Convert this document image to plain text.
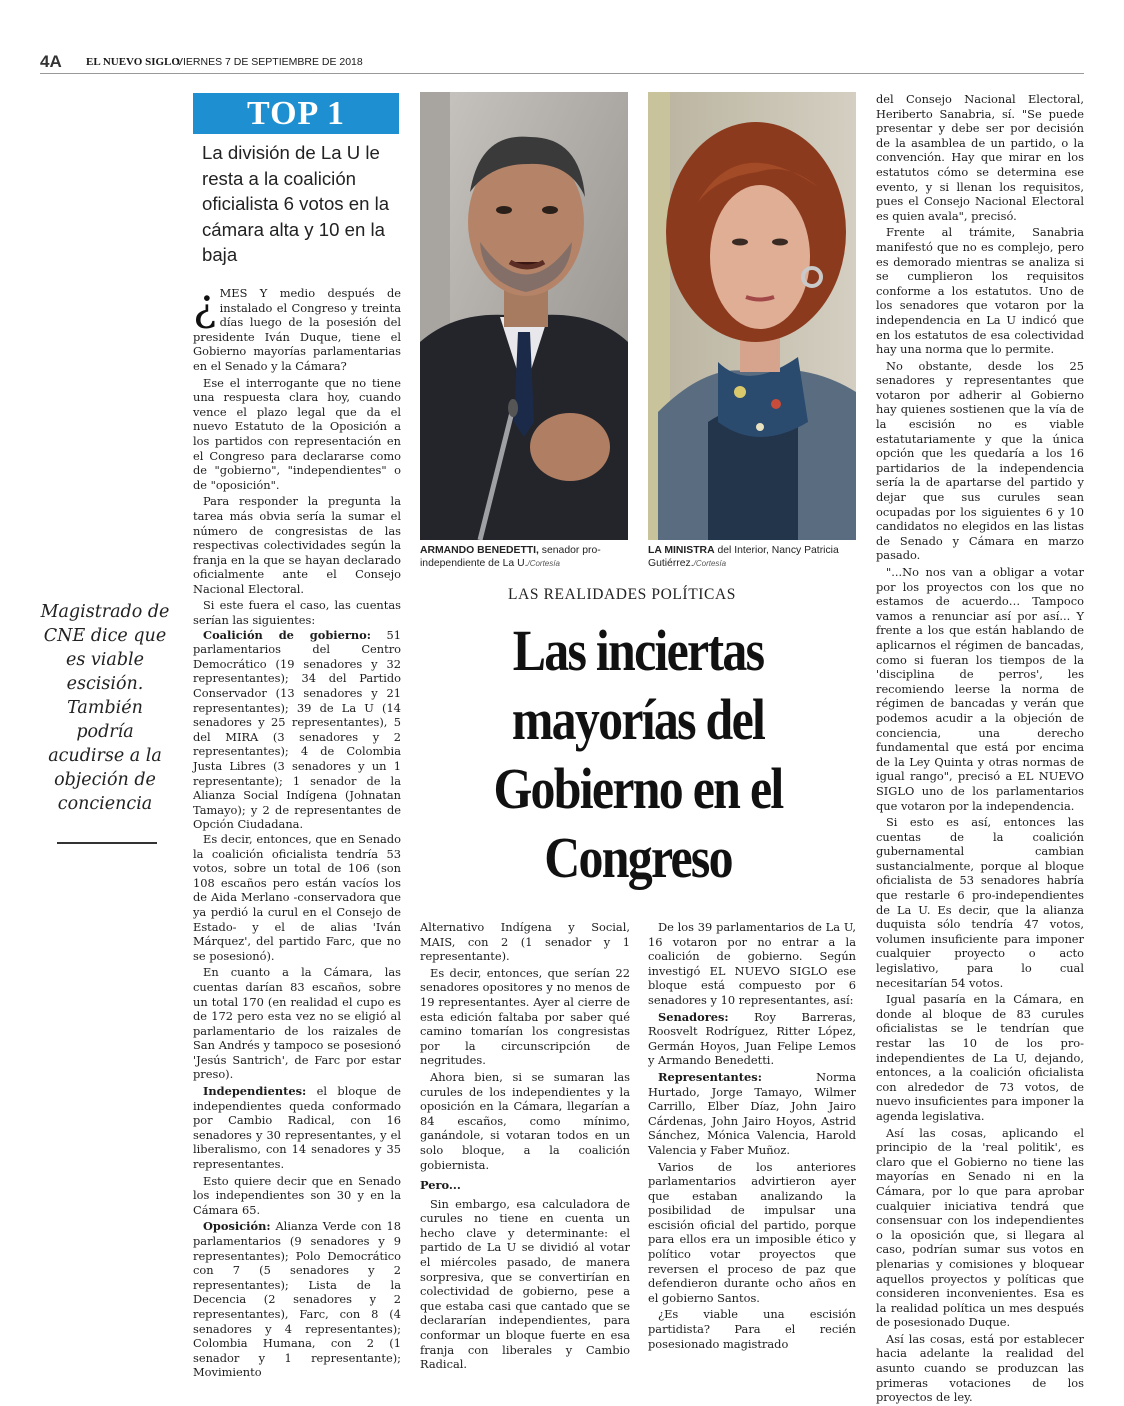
4A EL NUEVO SIGLO
VIERNES 7 DE SEPTIEMBRE DE 2018
TOP 1
La división de La U le resta a la coalición oficialista 6 votos en la cámara alta y 10 en la baja
ARMANDO BENEDETTI, senador pro-independiente de La U./Cortesía
LA MINISTRA del Interior, Nancy Patricia Gutiérrez./Cortesía
LAS REALIDADES POLÍTICAS
Las inciertas mayorías del Gobierno en el Congreso
Magistrado de CNE dice que es viable escisión. También podría acudirse a la objeción de conciencia

¿ MES Y medio después de instalado el Congreso y treinta días luego de la posesión del presidente Iván Duque, tiene el Gobierno mayorías parlamentarias en el Senado y la Cámara?

Ese el interrogante que no tiene una respuesta clara hoy, cuando vence el plazo legal que da el nuevo Estatuto de la Oposición a los partidos con representación en el Congreso para declararse como de "gobierno", "independientes" o de "oposición".

Para responder la pregunta la tarea más obvia sería la sumar el número de congresistas de las respectivas colectividades según la franja en la que se hayan declarado oficialmente ante el Consejo Nacional Electoral.

Si este fuera el caso, las cuentas serían las siguientes:

Coalición de gobierno: 51 parlamentarios del Centro Democrático (19 senadores y 32 representantes); 34 del Partido Conservador (13 senadores y 21 representantes); 39 de La U (14 senadores y 25 representantes), 5 del MIRA (3 senadores y 2 representantes); 4 de Colombia Justa Libres (3 senadores y un 1 representante); 1 senador de la Alianza Social Indígena (Johnatan Tamayo); y 2 de representantes de Opción Ciudadana.

Es decir, entonces, que en Senado la coalición oficialista tendría 53 votos, sobre un total de 106 (son 108 escaños pero están vacíos los de Aida Merlano -conservadora que ya perdió la curul en el Consejo de Estado- y el de alias 'Iván Márquez', del partido Farc, que no se posesionó).

En cuanto a la Cámara, las cuentas darían 83 escaños, sobre un total 170 (en realidad el cupo es de 172 pero esta vez no se eligió al parlamentario de los raizales de San Andrés y tampoco se posesionó 'Jesús Santrich', de Farc por estar preso).

Independientes: el bloque de independientes queda conformado por Cambio Radical, con 16 senadores y 30 representantes, y el liberalismo, con 14 senadores y 35 representantes.

Esto quiere decir que en Senado los independientes son 30 y en la Cámara 65.

Oposición: Alianza Verde con 18 parlamentarios (9 senadores y 9 representantes); Polo Democrático con 7 (5 senadores y 2 representantes); Lista de la Decencia (2 senadores y 2 representantes), Farc, con 8 (4 senadores y 4 representantes); Colombia Humana, con 2 (1 senador y 1 representante); Movimiento

Alternativo Indígena y Social, MAIS, con 2 (1 senador y 1 representante).

Es decir, entonces, que serían 22 senadores opositores y no menos de 19 representantes. Ayer al cierre de esta edición faltaba por saber qué camino tomarían los congresistas por la circunscripción de negritudes.

Ahora bien, si se sumaran las curules de los independientes y la oposición en la Cámara, llegarían a 84 escaños, como mínimo, ganándole, si votaran todos en un solo bloque, a la coalición gobiernista.

Pero...

Sin embargo, esa calculadora de curules no tiene en cuenta un hecho clave y determinante: el partido de La U se dividió al votar el miércoles pasado, de manera sorpresiva, que se convertirían en colectividad de gobierno, pese a que estaba casi que cantado que se declararían independientes, para conformar un bloque fuerte en esa franja con liberales y Cambio Radical.

De los 39 parlamentarios de La U, 16 votaron por no entrar a la coalición de gobierno. Según investigó EL NUEVO SIGLO ese bloque está compuesto por 6 senadores y 10 representantes, así:

Senadores: Roy Barreras, Roosvelt Rodríguez, Ritter López, Germán Hoyos, Juan Felipe Lemos y Armando Benedetti.

Representantes: Norma Hurtado, Jorge Tamayo, Wilmer Carrillo, Elber Díaz, John Jairo Cárdenas, John Jairo Hoyos, Astrid Sánchez, Mónica Valencia, Harold Valencia y Faber Muñoz.

Varios de los anteriores parlamentarios advirtieron ayer que estaban analizando la posibilidad de impulsar una escisión oficial del partido, porque para ellos era un imposible ético y político votar proyectos que reversen el proceso de paz que defendieron durante ocho años en el gobierno Santos.

¿Es viable una escisión partidista? Para el recién posesionado magistrado

del Consejo Nacional Electoral, Heriberto Sanabria, sí. "Se puede presentar y debe ser por decisión de la asamblea de un partido, o la convención. Hay que mirar en los estatutos cómo se determina ese evento, y si llenan los requisitos, pues el Consejo Nacional Electoral es quien avala", precisó.

Frente al trámite, Sanabria manifestó que no es complejo, pero es demorado mientras se analiza si se cumplieron los requisitos conforme a los estatutos. Uno de los senadores que votaron por la independencia en La U indicó que en los estatutos de esa colectividad hay una norma que lo permite.

No obstante, desde los 25 senadores y representantes que votaron por adherir al Gobierno hay quienes sostienen que la vía de la escisión no es viable estatutariamente y que la única opción que les quedaría a los 16 partidarios de la independencia sería la de apartarse del partido y dejar que sus curules sean ocupadas por los siguientes 6 y 10 candidatos no elegidos en las listas de Senado y Cámara en marzo pasado.

"...No nos van a obligar a votar por los proyectos con los que no estamos de acuerdo… Tampoco vamos a renunciar así por así... Y frente a los que están hablando de aplicarnos el régimen de bancadas, como si fueran los tiempos de la 'disciplina de perros', les recomiendo leerse la norma de régimen de bancadas y verán que podemos acudir a la objeción de conciencia, una derecho fundamental que está por encima de la Ley Quinta y otras normas de igual rango", precisó a EL NUEVO SIGLO uno de los parlamentarios que votaron por la independencia.

Si esto es así, entonces las cuentas de la coalición gubernamental cambian sustancialmente, porque al bloque oficialista de 53 senadores habría que restarle 6 pro-independientes de La U. Es decir, que la alianza duquista sólo tendría 47 votos, volumen insuficiente para imponer cualquier proyecto o acto legislativo, para lo cual necesitarían 54 votos.

Igual pasaría en la Cámara, en donde al bloque de 83 curules oficialistas se le tendrían que restar las 10 de los pro-independientes de La U, dejando, entonces, a la coalición oficialista con alrededor de 73 votos, de nuevo insuficientes para imponer la agenda legislativa.

Así las cosas, aplicando el principio de la 'real politik', es claro que el Gobierno no tiene las mayorías en Senado ni en la Cámara, por lo que para aprobar cualquier iniciativa tendrá que consensuar con los independientes o la oposición que, si llegara al caso, podrían sumar sus votos en plenarias y comisiones y bloquear aquellos proyectos y políticas que consideren inconvenientes. Esa es la realidad política un mes después de posesionado Duque.

Así las cosas, está por establecer hacia adelante la realidad del asunto cuando se produzcan las primeras votaciones de los proyectos de ley.
